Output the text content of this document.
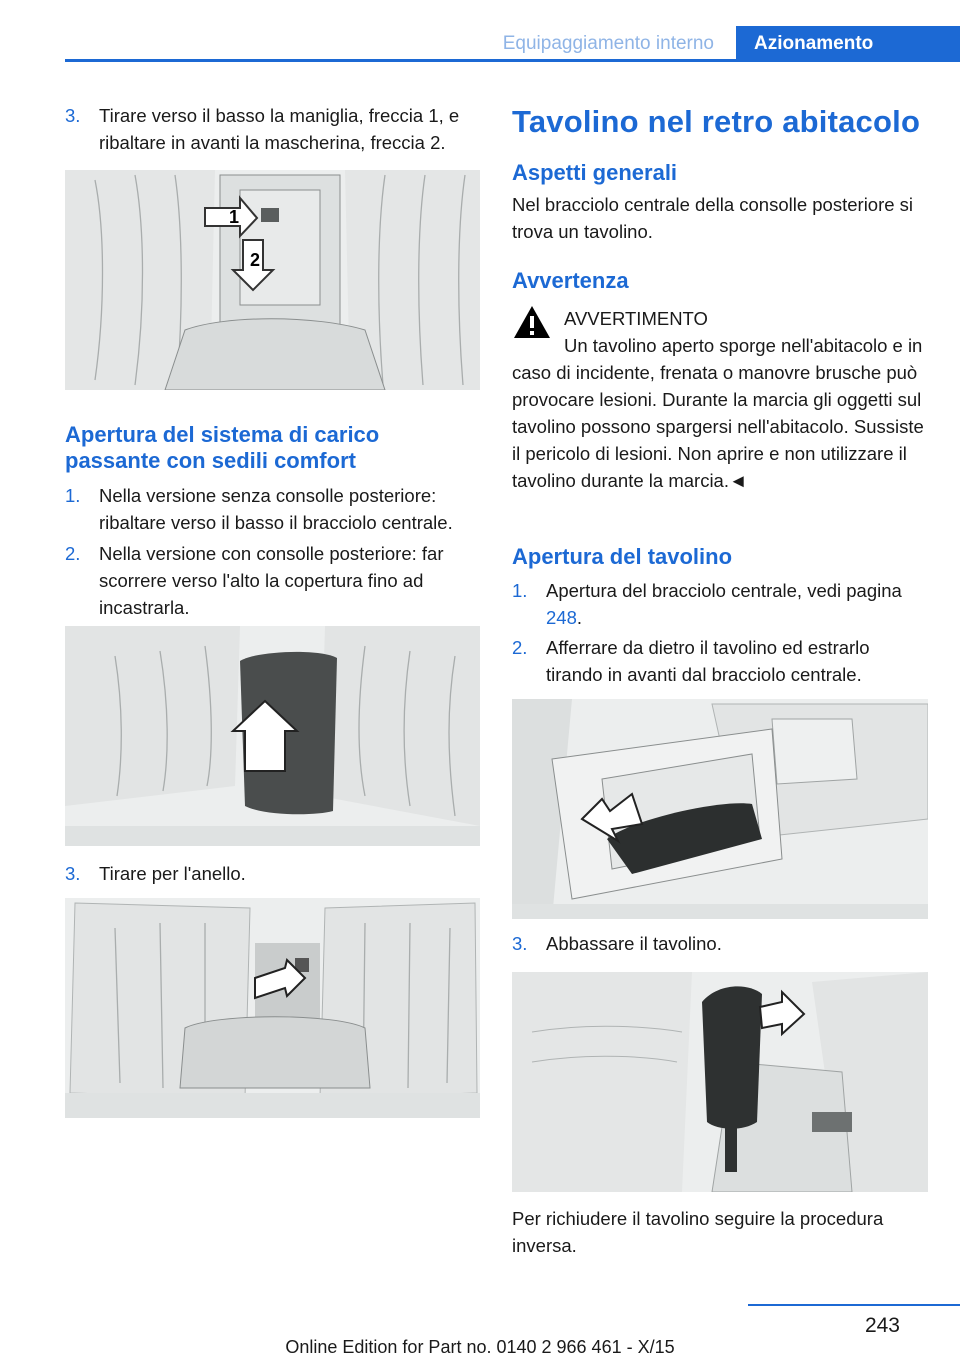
Equipaggiamento interno	Azionamento
3. Tirare verso il basso la maniglia, freccia 1, e ribaltare in avanti la mascherina, freccia 2.
1
2
Apertura del sistema di carico passante con sedili comfort
1. Nella versione senza consolle posteriore: ribaltare verso il basso il bracciolo centrale.
2. Nella versione con consolle posteriore: far scorrere verso l'alto la copertura fino ad incastrarla.
3. Tirare per l'anello.
Tavolino nel retro abitacolo
Aspetti generali
Nel bracciolo centrale della consolle posteriore si trova un tavolino.
Avvertenza
AVVERTIMENTO
Un tavolino aperto sporge nell'abitacolo e in caso di incidente, frenata o manovre brusche può provocare lesioni. Durante la marcia gli oggetti sul tavolino possono spargersi nell'abitacolo. Sussiste il pericolo di lesioni. Non aprire e non utilizzare il tavolino durante la marcia.◄
Apertura del tavolino
1. Apertura del bracciolo centrale, vedi pagina 248.
2. Afferrare da dietro il tavolino ed estrarlo tirando in avanti dal bracciolo centrale.
3. Abbassare il tavolino.
Per richiudere il tavolino seguire la procedura inversa.
243
Online Edition for Part no. 0140 2 966 461 - X/15
